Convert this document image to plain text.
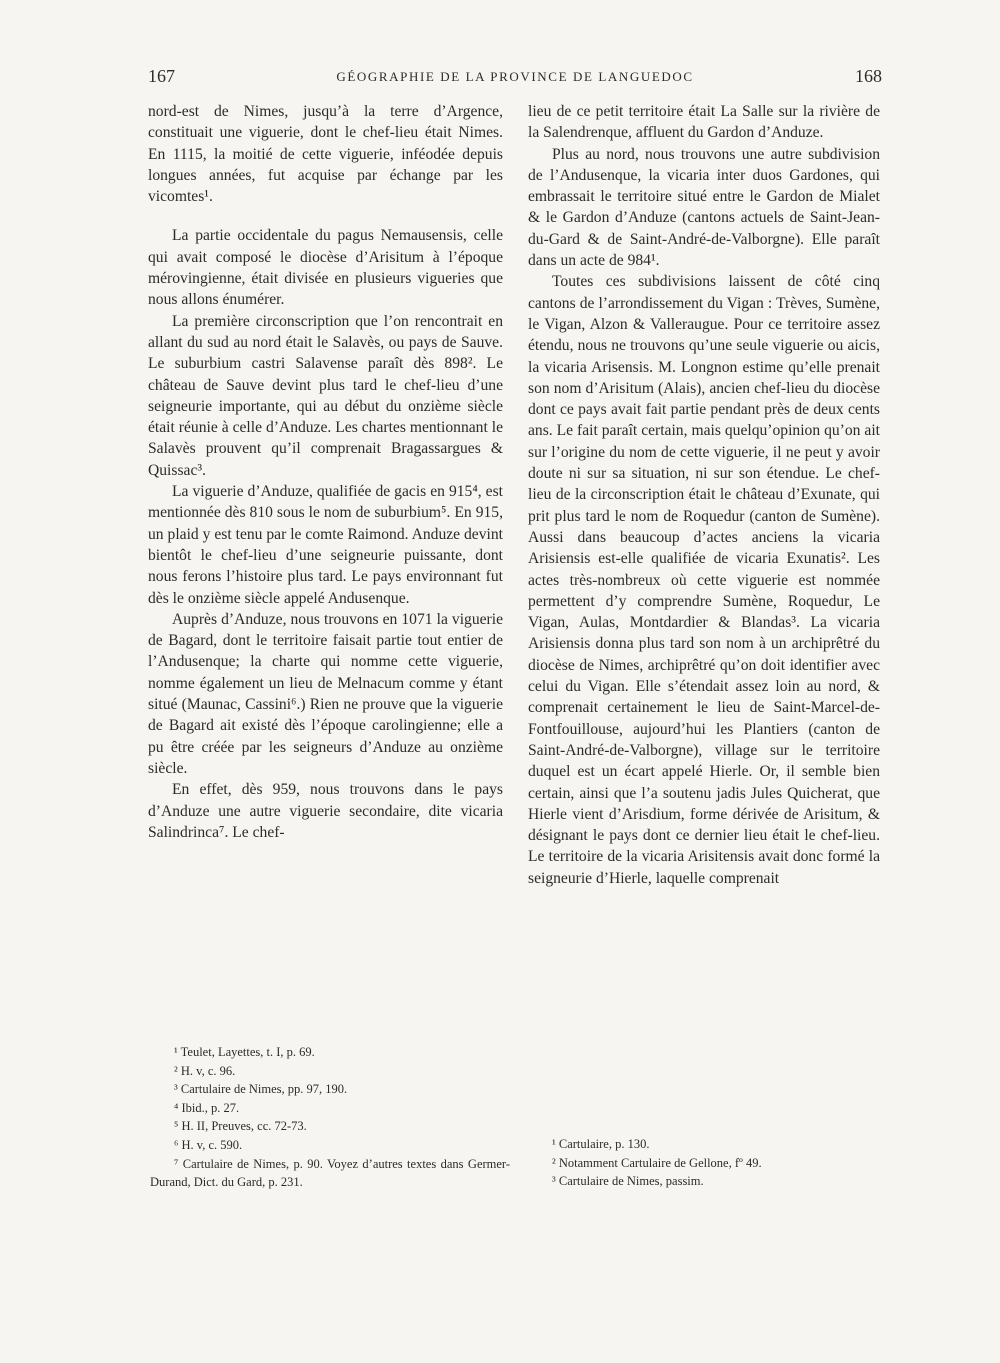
167	GÉOGRAPHIE DE LA PROVINCE DE LANGUEDOC	168

nord-est de Nimes, jusqu’à la terre d’Argence, constituait une viguerie, dont le chef-lieu était Nimes. En 1115, la moitié de cette viguerie, inféodée depuis longues années, fut acquise par échange par les vicomtes¹.

La partie occidentale du pagus Nemausensis, celle qui avait composé le diocèse d’Arisitum à l’époque mérovingienne, était divisée en plusieurs vigueries que nous allons énumérer.

La première circonscription que l’on rencontrait en allant du sud au nord était le Salavès, ou pays de Sauve. Le suburbium castri Salavense paraît dès 898². Le château de Sauve devint plus tard le chef-lieu d’une seigneurie importante, qui au début du onzième siècle était réunie à celle d’Anduze. Les chartes mentionnant le Salavès prouvent qu’il comprenait Bragassargues & Quissac³.

La viguerie d’Anduze, qualifiée de gacis en 915⁴, est mentionnée dès 810 sous le nom de suburbium⁵. En 915, un plaid y est tenu par le comte Raimond. Anduze devint bientôt le chef-lieu d’une seigneurie puissante, dont nous ferons l’histoire plus tard. Le pays environnant fut dès le onzième siècle appelé Andusenque.

Auprès d’Anduze, nous trouvons en 1071 la viguerie de Bagard, dont le territoire faisait partie tout entier de l’Andusenque; la charte qui nomme cette viguerie, nomme également un lieu de Melnacum comme y étant situé (Maunac, Cassini⁶.) Rien ne prouve que la viguerie de Bagard ait existé dès l’époque carolingienne; elle a pu être créée par les seigneurs d’Anduze au onzième siècle.

En effet, dès 959, nous trouvons dans le pays d’Anduze une autre viguerie secondaire, dite vicaria Salindrinca⁷. Le chef-

¹ Teulet, Layettes, t. I, p. 69.

² H. v, c. 96.

³ Cartulaire de Nimes, pp. 97, 190.

⁴ Ibid., p. 27.

⁵ H. II, Preuves, cc. 72-73.

⁶ H. v, c. 590.

⁷ Cartulaire de Nimes, p. 90. Voyez d’autres textes dans Germer-Durand, Dict. du Gard, p. 231.

lieu de ce petit territoire était La Salle sur la rivière de la Salendrenque, affluent du Gardon d’Anduze.

Plus au nord, nous trouvons une autre subdivision de l’Andusenque, la vicaria inter duos Gardones, qui embrassait le territoire situé entre le Gardon de Mialet & le Gardon d’Anduze (cantons actuels de Saint-Jean-du-Gard & de Saint-André-de-Valborgne). Elle paraît dans un acte de 984¹.

Toutes ces subdivisions laissent de côté cinq cantons de l’arrondissement du Vigan : Trèves, Sumène, le Vigan, Alzon & Valleraugue. Pour ce territoire assez étendu, nous ne trouvons qu’une seule viguerie ou aicis, la vicaria Arisensis. M. Longnon estime qu’elle prenait son nom d’Arisitum (Alais), ancien chef-lieu du diocèse dont ce pays avait fait partie pendant près de deux cents ans. Le fait paraît certain, mais quelqu’opinion qu’on ait sur l’origine du nom de cette viguerie, il ne peut y avoir doute ni sur sa situation, ni sur son étendue. Le chef-lieu de la circonscription était le château d’Exunate, qui prit plus tard le nom de Roquedur (canton de Sumène). Aussi dans beaucoup d’actes anciens la vicaria Arisiensis est-elle qualifiée de vicaria Exunatis². Les actes très-nombreux où cette viguerie est nommée permettent d’y comprendre Sumène, Roquedur, Le Vigan, Aulas, Montdardier & Blandas³. La vicaria Arisiensis donna plus tard son nom à un archiprêtré du diocèse de Nimes, archiprêtré qu’on doit identifier avec celui du Vigan. Elle s’étendait assez loin au nord, & comprenait certainement le lieu de Saint-Marcel-de-Fontfouillouse, aujourd’hui les Plantiers (canton de Saint-André-de-Valborgne), village sur le territoire duquel est un écart appelé Hierle. Or, il semble bien certain, ainsi que l’a soutenu jadis Jules Quicherat, que Hierle vient d’Arisdium, forme dérivée de Arisitum, & désignant le pays dont ce dernier lieu était le chef-lieu. Le territoire de la vicaria Arisitensis avait donc formé la seigneurie d’Hierle, laquelle comprenait

¹ Cartulaire, p. 130.

² Notamment Cartulaire de Gellone, fº 49.

³ Cartulaire de Nimes, passim.
